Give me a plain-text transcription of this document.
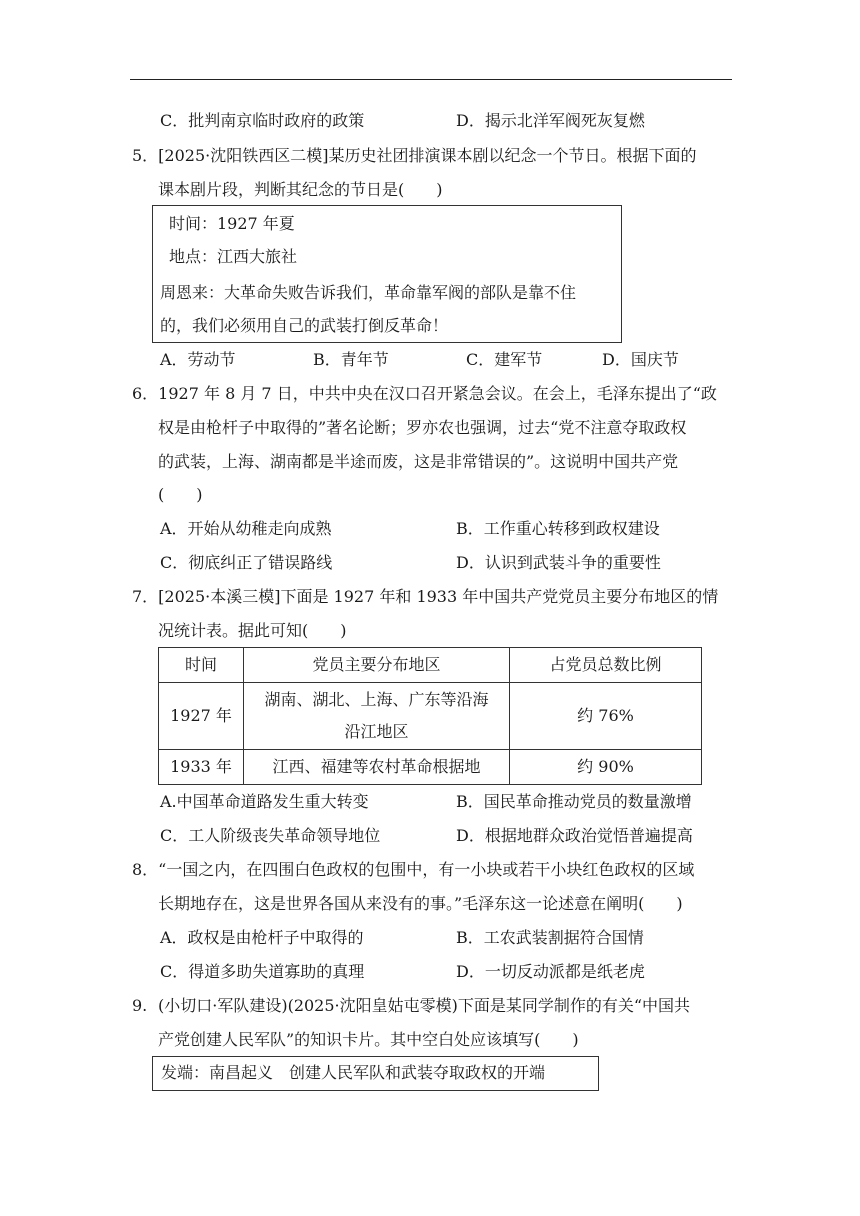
C．批判南京临时政府的政策	D．揭示北洋军阀死灰复燃
5．[2025·沈阳铁西区二模]某历史社团排演课本剧以纪念一个节日。根据下面的
课本剧片段，判断其纪念的节日是(　　)
时间：1927 年夏
地点：江西大旅社
周恩来：大革命失败告诉我们，革命靠军阀的部队是靠不住
的，我们必须用自己的武装打倒反革命！
A．劳动节	B．青年节	C．建军节	D．国庆节
6．1927 年 8 月 7 日，中共中央在汉口召开紧急会议。在会上，毛泽东提出了“政
权是由枪杆子中取得的”著名论断；罗亦农也强调，过去“党不注意夺取政权
的武装，上海、湖南都是半途而废，这是非常错误的”。这说明中国共产党
(　　)
A．开始从幼稚走向成熟	B．工作重心转移到政权建设
C．彻底纠正了错误路线	D．认识到武装斗争的重要性
7．[2025·本溪三模]下面是 1927 年和 1933 年中国共产党党员主要分布地区的情
况统计表。据此可知(　　)
时间	党员主要分布地区	占党员总数比例
1927 年	湖南、湖北、上海、广东等沿海
沿江地区	约 76%
1933 年	江西、福建等农村革命根据地	约 90%
A.中国革命道路发生重大转变	B．国民革命推动党员的数量激增
C．工人阶级丧失革命领导地位	D．根据地群众政治觉悟普遍提高
8．“一国之内，在四围白色政权的包围中，有一小块或若干小块红色政权的区域
长期地存在，这是世界各国从来没有的事。”毛泽东这一论述意在阐明(　　)
A．政权是由枪杆子中取得的	B．工农武装割据符合国情
C．得道多助失道寡助的真理	D．一切反动派都是纸老虎
9. (小切口·军队建设)(2025·沈阳皇姑屯零模)下面是某同学制作的有关“中国共
产党创建人民军队”的知识卡片。其中空白处应该填写(　　)
发端：南昌起义　创建人民军队和武装夺取政权的开端
